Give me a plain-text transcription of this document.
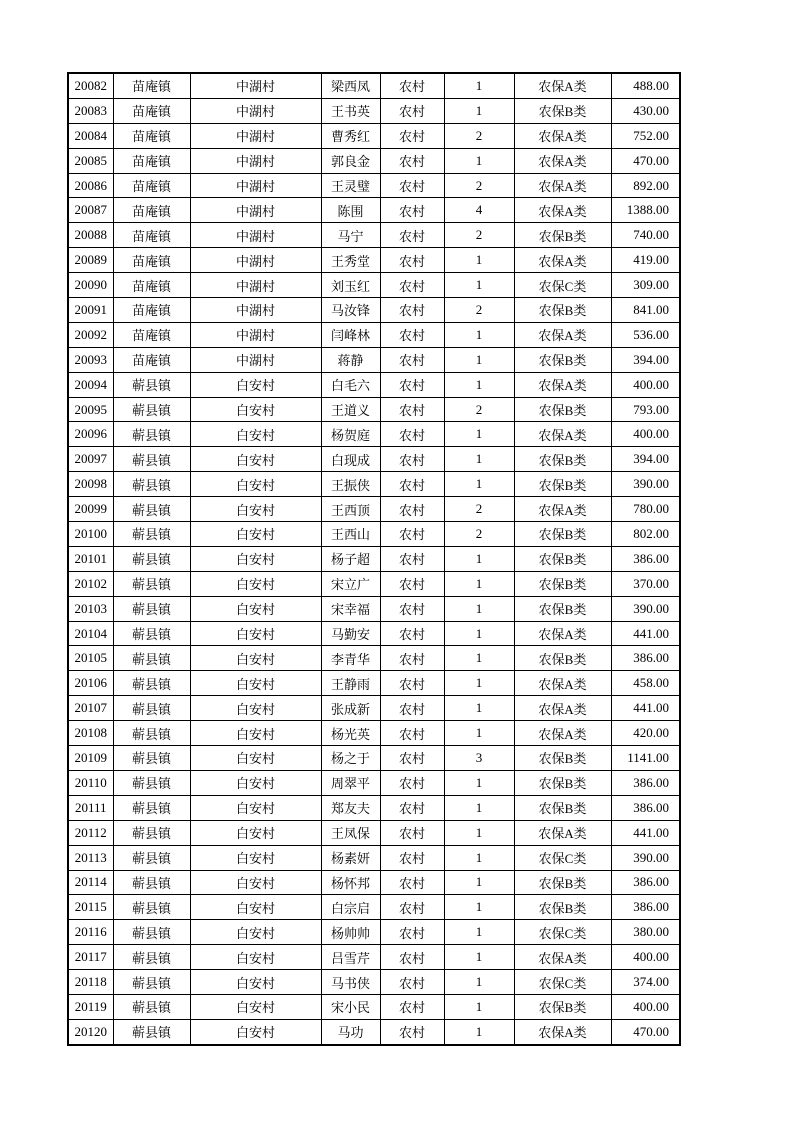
20082	苗庵镇	中湖村	梁西凤	农村	1	农保A类	488.00
20083	苗庵镇	中湖村	王书英	农村	1	农保B类	430.00
20084	苗庵镇	中湖村	曹秀红	农村	2	农保A类	752.00
20085	苗庵镇	中湖村	郭良金	农村	1	农保A类	470.00
20086	苗庵镇	中湖村	王灵璧	农村	2	农保A类	892.00
20087	苗庵镇	中湖村	陈围	农村	4	农保A类	1388.00
20088	苗庵镇	中湖村	马宁	农村	2	农保B类	740.00
20089	苗庵镇	中湖村	王秀堂	农村	1	农保A类	419.00
20090	苗庵镇	中湖村	刘玉红	农村	1	农保C类	309.00
20091	苗庵镇	中湖村	马汝锋	农村	2	农保B类	841.00
20092	苗庵镇	中湖村	闫峰林	农村	1	农保A类	536.00
20093	苗庵镇	中湖村	蒋静	农村	1	农保B类	394.00
20094	蕲县镇	白安村	白毛六	农村	1	农保A类	400.00
20095	蕲县镇	白安村	王道义	农村	2	农保B类	793.00
20096	蕲县镇	白安村	杨贺庭	农村	1	农保A类	400.00
20097	蕲县镇	白安村	白现成	农村	1	农保B类	394.00
20098	蕲县镇	白安村	王振侠	农村	1	农保B类	390.00
20099	蕲县镇	白安村	王西顶	农村	2	农保A类	780.00
20100	蕲县镇	白安村	王西山	农村	2	农保B类	802.00
20101	蕲县镇	白安村	杨子超	农村	1	农保B类	386.00
20102	蕲县镇	白安村	宋立广	农村	1	农保B类	370.00
20103	蕲县镇	白安村	宋幸福	农村	1	农保B类	390.00
20104	蕲县镇	白安村	马勤安	农村	1	农保A类	441.00
20105	蕲县镇	白安村	李青华	农村	1	农保B类	386.00
20106	蕲县镇	白安村	王静雨	农村	1	农保A类	458.00
20107	蕲县镇	白安村	张成新	农村	1	农保A类	441.00
20108	蕲县镇	白安村	杨光英	农村	1	农保A类	420.00
20109	蕲县镇	白安村	杨之于	农村	3	农保B类	1141.00
20110	蕲县镇	白安村	周翠平	农村	1	农保B类	386.00
20111	蕲县镇	白安村	郑友夫	农村	1	农保B类	386.00
20112	蕲县镇	白安村	王凤保	农村	1	农保A类	441.00
20113	蕲县镇	白安村	杨素妍	农村	1	农保C类	390.00
20114	蕲县镇	白安村	杨怀邦	农村	1	农保B类	386.00
20115	蕲县镇	白安村	白宗启	农村	1	农保B类	386.00
20116	蕲县镇	白安村	杨帅帅	农村	1	农保C类	380.00
20117	蕲县镇	白安村	吕雪芹	农村	1	农保A类	400.00
20118	蕲县镇	白安村	马书侠	农村	1	农保C类	374.00
20119	蕲县镇	白安村	宋小民	农村	1	农保B类	400.00
20120	蕲县镇	白安村	马功	农村	1	农保A类	470.00
